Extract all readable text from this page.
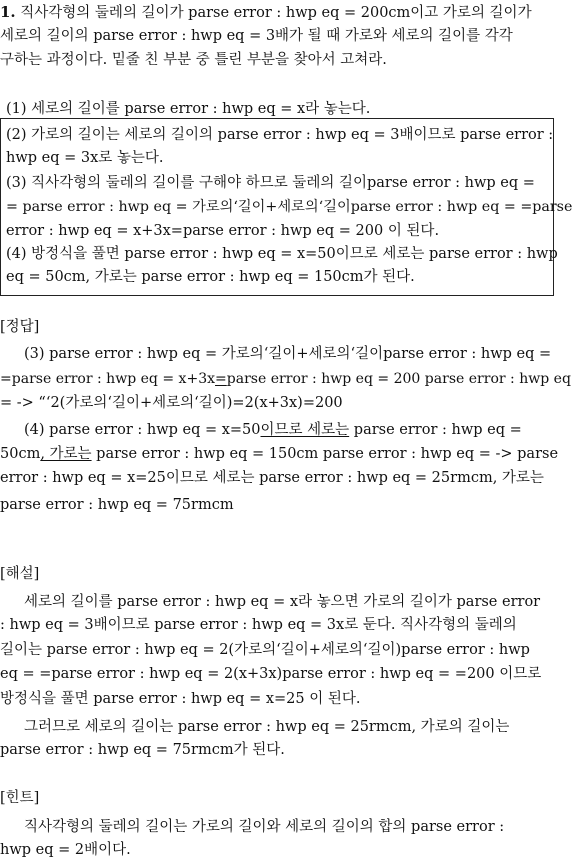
1. 직사각형의 둘레의 길이가 parse error : hwp eq = 200cm이고 가로의 길이가
세로의 길이의 parse error : hwp eq = 3배가 될 때 가로와 세로의 길이를 각각
구하는 과정이다. 밑줄 친 부분 중 틀린 부분을 찾아서 고쳐라.
(1) 세로의 길이를 parse error : hwp eq = x라 놓는다.
(2) 가로의 길이는 세로의 길이의 parse error : hwp eq = 3배이므로 parse error :
hwp eq = 3x로 놓는다.
(3) 직사각형의 둘레의 길이를 구해야 하므로 둘레의 길이parse error : hwp eq =
= parse error : hwp eq = 가로의‘길이+세로의‘길이parse error : hwp eq = =parse
error : hwp eq = x+3x=parse error : hwp eq = 200 이 된다.
(4) 방정식을 풀면 parse error : hwp eq = x=50이므로 세로는 parse error : hwp
eq = 50cm, 가로는 parse error : hwp eq = 150cm가 된다.
[정답]
(3) parse error : hwp eq = 가로의‘길이+세로의‘길이parse error : hwp eq =
=parse error : hwp eq = x+3x=parse error : hwp eq = 200 parse error : hwp eq
= -> “‘2(가로의‘길이+세로의‘길이)=2(x+3x)=200
(4) parse error : hwp eq = x=50이므로 세로는 parse error : hwp eq =
50cm, 가로는 parse error : hwp eq = 150cm parse error : hwp eq = -> parse
error : hwp eq = x=25이므로 세로는 parse error : hwp eq = 25rmcm, 가로는
parse error : hwp eq = 75rmcm
[해설]
세로의 길이를 parse error : hwp eq = x라 놓으면 가로의 길이가 parse error
: hwp eq = 3배이므로 parse error : hwp eq = 3x로 둔다. 직사각형의 둘레의
길이는 parse error : hwp eq = 2(가로의‘길이+세로의‘길이)parse error : hwp
eq = =parse error : hwp eq = 2(x+3x)parse error : hwp eq = =200 이므로
방정식을 풀면 parse error : hwp eq = x=25 이 된다.
그러므로 세로의 길이는 parse error : hwp eq = 25rmcm, 가로의 길이는
parse error : hwp eq = 75rmcm가 된다.
[힌트]
직사각형의 둘레의 길이는 가로의 길이와 세로의 길이의 합의 parse error :
hwp eq = 2배이다.
